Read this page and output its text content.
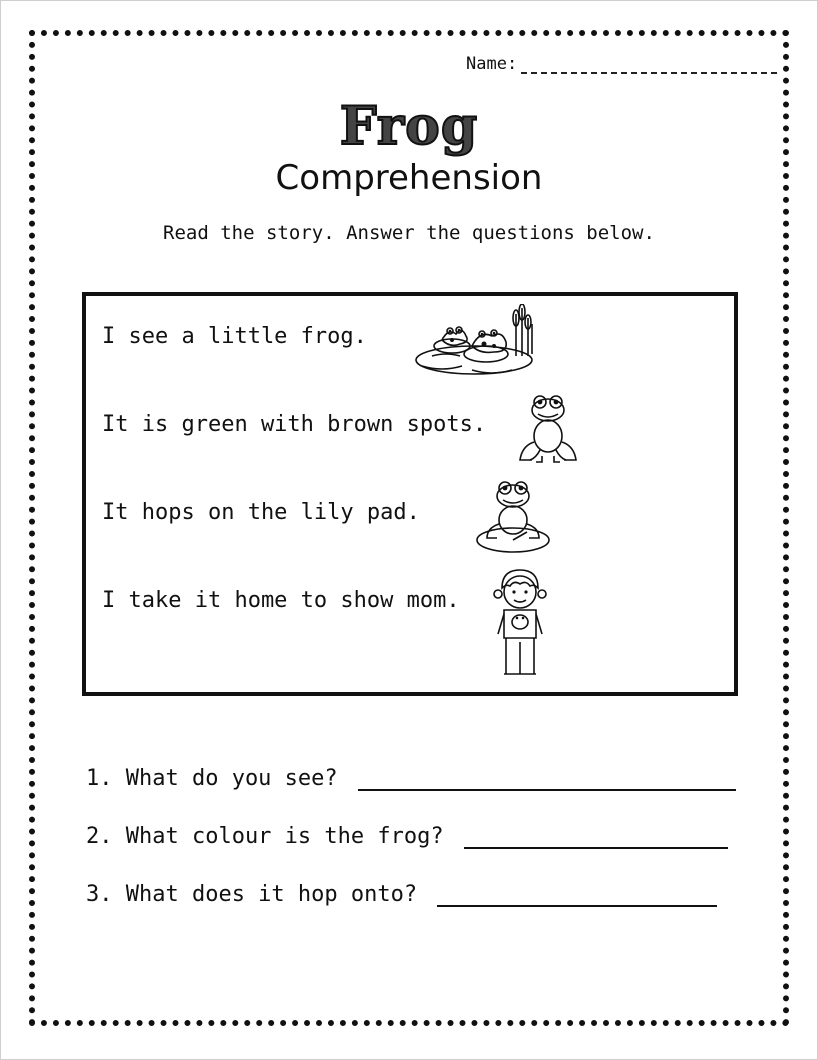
Name:
Frog
Comprehension
Read the story. Answer the questions below.
I see a little frog.
It is green with brown spots.
It hops on the lily pad.
I take it home to show mom.
1. What do you see?
2. What colour is the frog?
3. What does it hop onto?
